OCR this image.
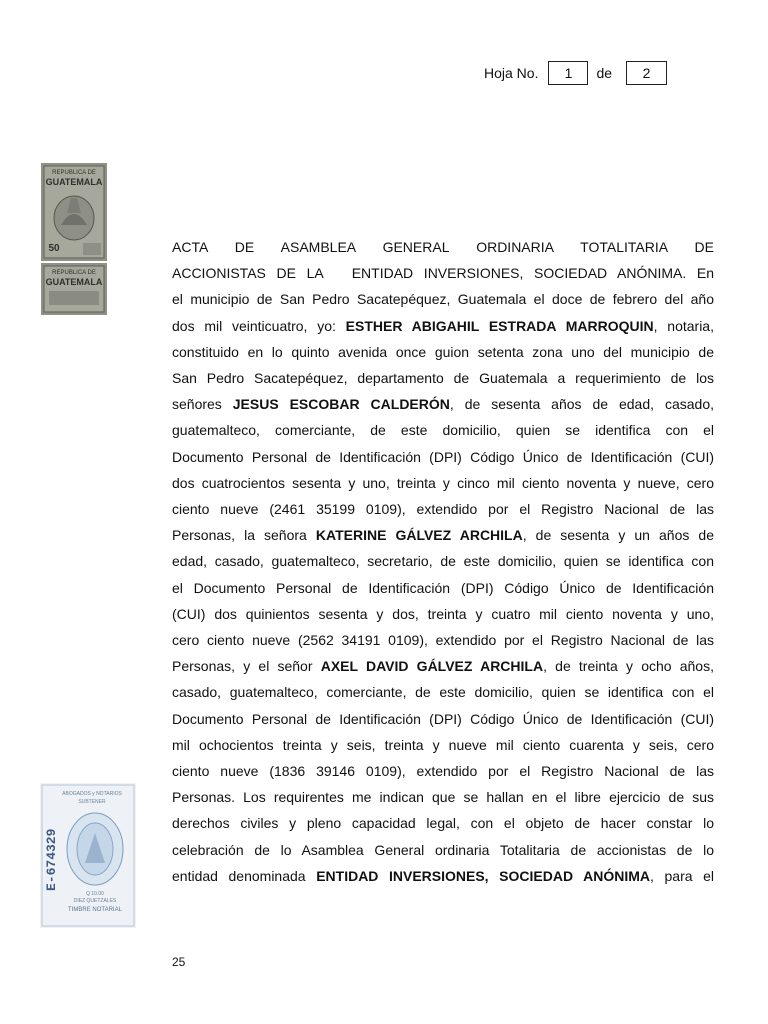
Hoja No.	1	de	2
REPUBLICA DE
GUATEMALA
50
REPUBLICA DE
GUATEMALA
ABOGADOS y NOTARIOS
SUBTENER
E-674329
Q 10.00
DIEZ QUETZALES
TIMBRE NOTARIAL
ACTA DE ASAMBLEA GENERAL ORDINARIA TOTALITARIA DE
ACCIONISTAS DE LA ENTIDAD INVERSIONES, SOCIEDAD ANÓNIMA. En
el municipio de San Pedro Sacatepéquez, Guatemala el doce de febrero del año
dos mil veinticuatro, yo: ESTHER ABIGAHIL ESTRADA MARROQUIN, notaria,
constituido en lo quinto avenida once guion setenta zona uno del municipio de
San Pedro Sacatepéquez, departamento de Guatemala a requerimiento de los
señores JESUS ESCOBAR CALDERÓN, de sesenta años de edad, casado,
guatemalteco, comerciante, de este domicilio, quien se identifica con el
Documento Personal de Identificación (DPI) Código Único de Identificación (CUI)
dos cuatrocientos sesenta y uno, treinta y cinco mil ciento noventa y nueve, cero
ciento nueve (2461 35199 0109), extendido por el Registro Nacional de las
Personas, la señora KATERINE GÁLVEZ ARCHILA, de sesenta y un años de
edad, casado, guatemalteco, secretario, de este domicilio, quien se identifica con
el Documento Personal de Identificación (DPI) Código Único de Identificación
(CUI) dos quinientos sesenta y dos, treinta y cuatro mil ciento noventa y uno,
cero ciento nueve (2562 34191 0109), extendido por el Registro Nacional de las
Personas, y el señor AXEL DAVID GÁLVEZ ARCHILA, de treinta y ocho años,
casado, guatemalteco, comerciante, de este domicilio, quien se identifica con el
Documento Personal de Identificación (DPI) Código Único de Identificación (CUI)
mil ochocientos treinta y seis, treinta y nueve mil ciento cuarenta y seis, cero
ciento nueve (1836 39146 0109), extendido por el Registro Nacional de las
Personas. Los requirentes me indican que se hallan en el libre ejercicio de sus
derechos civiles y pleno capacidad legal, con el objeto de hacer constar lo
celebración de lo Asamblea General ordinaria Totalitaria de accionistas de lo
entidad denominada ENTIDAD INVERSIONES, SOCIEDAD ANÓNIMA, para el
25
